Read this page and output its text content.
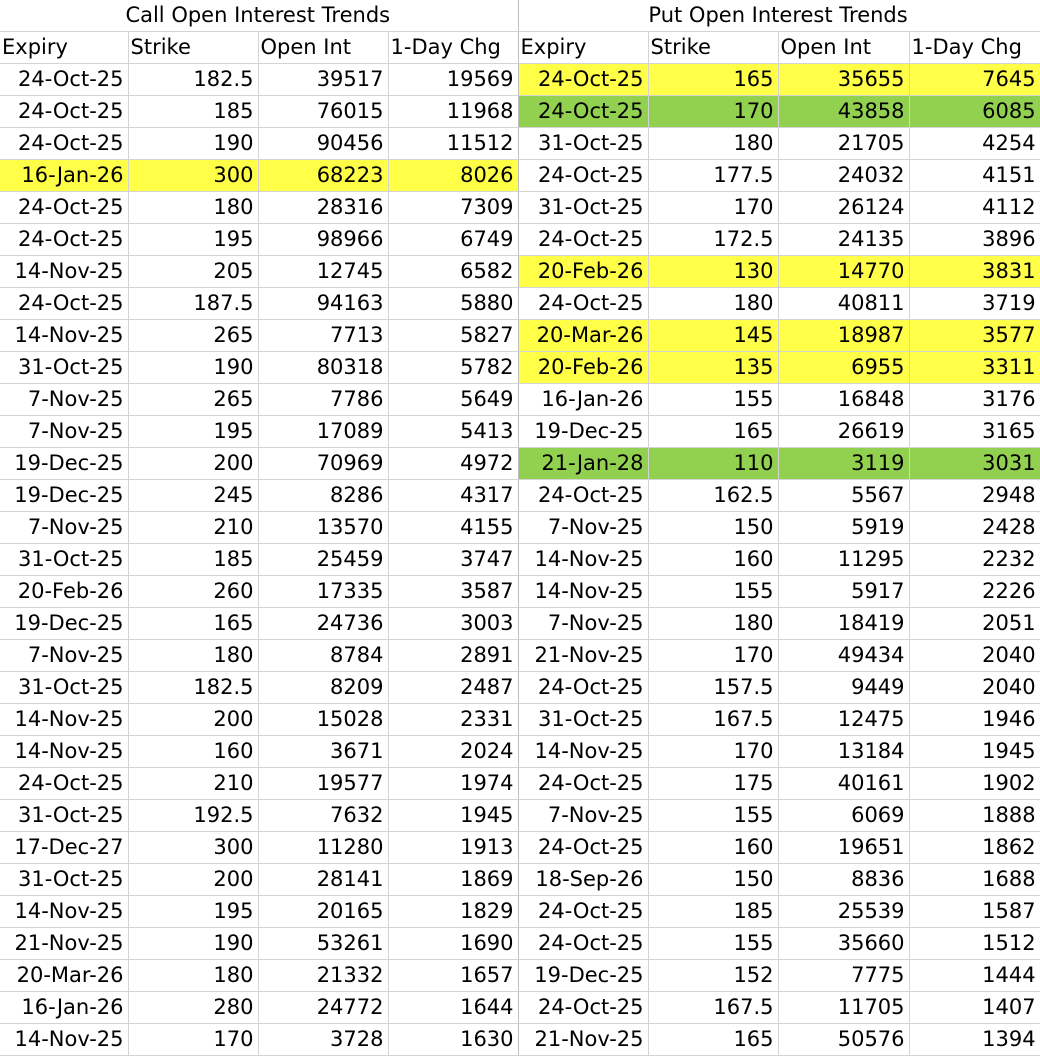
Call Open Interest Trends				Put Open Interest Trends			
Expiry	Strike	Open Int	1-Day Chg	Expiry	Strike	Open Int	1-Day Chg
24-Oct-25	182.5	39517	19569	24-Oct-25	165	35655	7645
24-Oct-25	185	76015	11968	24-Oct-25	170	43858	6085
24-Oct-25	190	90456	11512	31-Oct-25	180	21705	4254
16-Jan-26	300	68223	8026	24-Oct-25	177.5	24032	4151
24-Oct-25	180	28316	7309	31-Oct-25	170	26124	4112
24-Oct-25	195	98966	6749	24-Oct-25	172.5	24135	3896
14-Nov-25	205	12745	6582	20-Feb-26	130	14770	3831
24-Oct-25	187.5	94163	5880	24-Oct-25	180	40811	3719
14-Nov-25	265	7713	5827	20-Mar-26	145	18987	3577
31-Oct-25	190	80318	5782	20-Feb-26	135	6955	3311
7-Nov-25	265	7786	5649	16-Jan-26	155	16848	3176
7-Nov-25	195	17089	5413	19-Dec-25	165	26619	3165
19-Dec-25	200	70969	4972	21-Jan-28	110	3119	3031
19-Dec-25	245	8286	4317	24-Oct-25	162.5	5567	2948
7-Nov-25	210	13570	4155	7-Nov-25	150	5919	2428
31-Oct-25	185	25459	3747	14-Nov-25	160	11295	2232
20-Feb-26	260	17335	3587	14-Nov-25	155	5917	2226
19-Dec-25	165	24736	3003	7-Nov-25	180	18419	2051
7-Nov-25	180	8784	2891	21-Nov-25	170	49434	2040
31-Oct-25	182.5	8209	2487	24-Oct-25	157.5	9449	2040
14-Nov-25	200	15028	2331	31-Oct-25	167.5	12475	1946
14-Nov-25	160	3671	2024	14-Nov-25	170	13184	1945
24-Oct-25	210	19577	1974	24-Oct-25	175	40161	1902
31-Oct-25	192.5	7632	1945	7-Nov-25	155	6069	1888
17-Dec-27	300	11280	1913	24-Oct-25	160	19651	1862
31-Oct-25	200	28141	1869	18-Sep-26	150	8836	1688
14-Nov-25	195	20165	1829	24-Oct-25	185	25539	1587
21-Nov-25	190	53261	1690	24-Oct-25	155	35660	1512
20-Mar-26	180	21332	1657	19-Dec-25	152	7775	1444
16-Jan-26	280	24772	1644	24-Oct-25	167.5	11705	1407
14-Nov-25	170	3728	1630	21-Nov-25	165	50576	1394
